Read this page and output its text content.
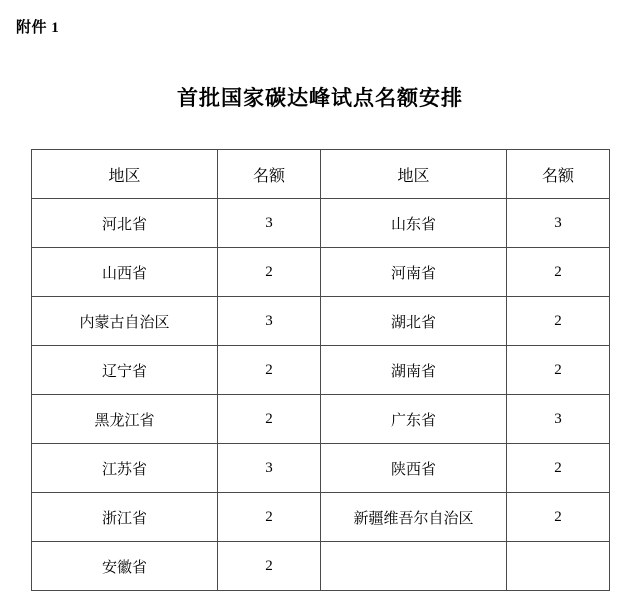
附件 1
首批国家碳达峰试点名额安排
地区	名额	地区	名额
河北省	3	山东省	3
山西省	2	河南省	2
内蒙古自治区	3	湖北省	2
辽宁省	2	湖南省	2
黑龙江省	2	广东省	3
江苏省	3	陕西省	2
浙江省	2	新疆维吾尔自治区	2
安徽省	2		
